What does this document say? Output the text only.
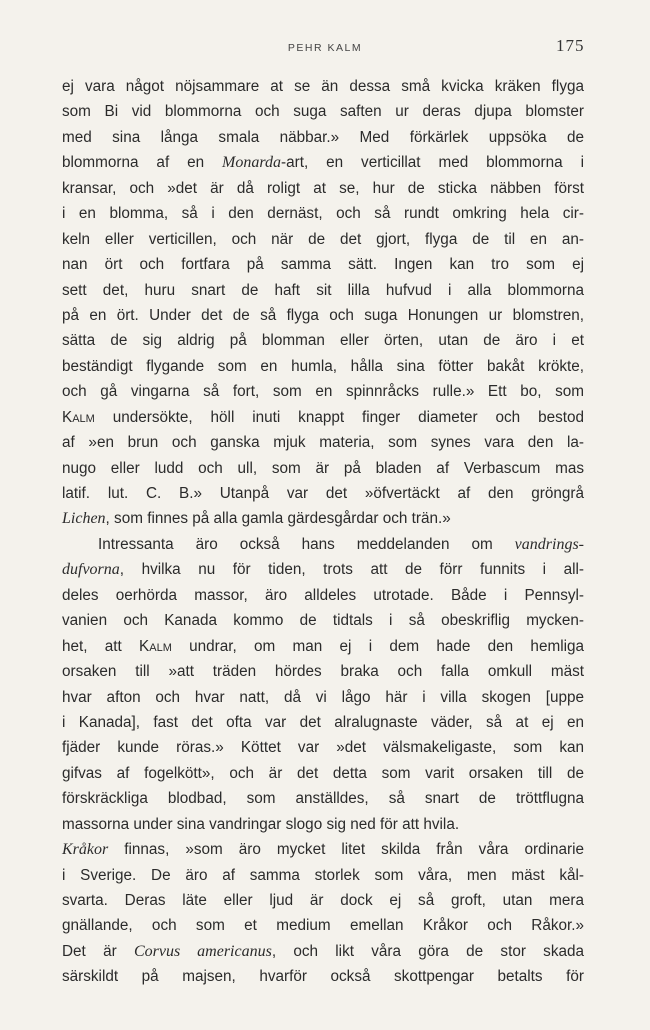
PEHR KALM	175
ej vara något nöjsammare at se än dessa små kvicka kräken flyga
som Bi vid blommorna och suga saften ur deras djupa blomster
med sina långa smala näbbar.» Med förkärlek uppsöka de
blommorna af en Monarda-art, en verticillat med blommorna i
kransar, och »det är då roligt at se, hur de sticka näbben först
i en blomma, så i den dernäst, och så rundt omkring hela cir-
keln eller verticillen, och när de det gjort, flyga de til en an-
nan ört och fortfara på samma sätt. Ingen kan tro som ej
sett det, huru snart de haft sit lilla hufvud i alla blommorna
på en ört. Under det de så flyga och suga Honungen ur blomstren,
sätta de sig aldrig på blomman eller örten, utan de äro i et
beständigt flygande som en humla, hålla sina fötter bakåt krökte,
och gå vingarna så fort, som en spinnråcks rulle.» Ett bo, som
Kalm undersökte, höll inuti knappt finger diameter och bestod
af »en brun och ganska mjuk materia, som synes vara den la-
nugo eller ludd och ull, som är på bladen af Verbascum mas
latif. lut. C. B.» Utanpå var det »öfvertäckt af den gröngrå
Lichen, som finnes på alla gamla gärdesgårdar och trän.»
Intressanta äro också hans meddelanden om vandrings-
dufvorna, hvilka nu för tiden, trots att de förr funnits i all-
deles oerhörda massor, äro alldeles utrotade. Både i Pennsyl-
vanien och Kanada kommo de tidtals i så obeskriflig mycken-
het, att Kalm undrar, om man ej i dem hade den hemliga
orsaken till »att träden hördes braka och falla omkull mäst
hvar afton och hvar natt, då vi lågo här i villa skogen [uppe
i Kanada], fast det ofta var det alralugnaste väder, så at ej en
fjäder kunde röras.» Köttet var »det välsmakeligaste, som kan
gifvas af fogelkött», och är det detta som varit orsaken till de
förskräckliga blodbad, som anställdes, så snart de tröttflugna
massorna under sina vandringar slogo sig ned för att hvila.
Kråkor finnas, »som äro mycket litet skilda från våra ordinarie
i Sverige. De äro af samma storlek som våra, men mäst kål-
svarta. Deras läte eller ljud är dock ej så groft, utan mera
gnällande, och som et medium emellan Kråkor och Råkor.»
Det är Corvus americanus, och likt våra göra de stor skada
särskildt på majsen, hvarför också skottpengar betalts för
